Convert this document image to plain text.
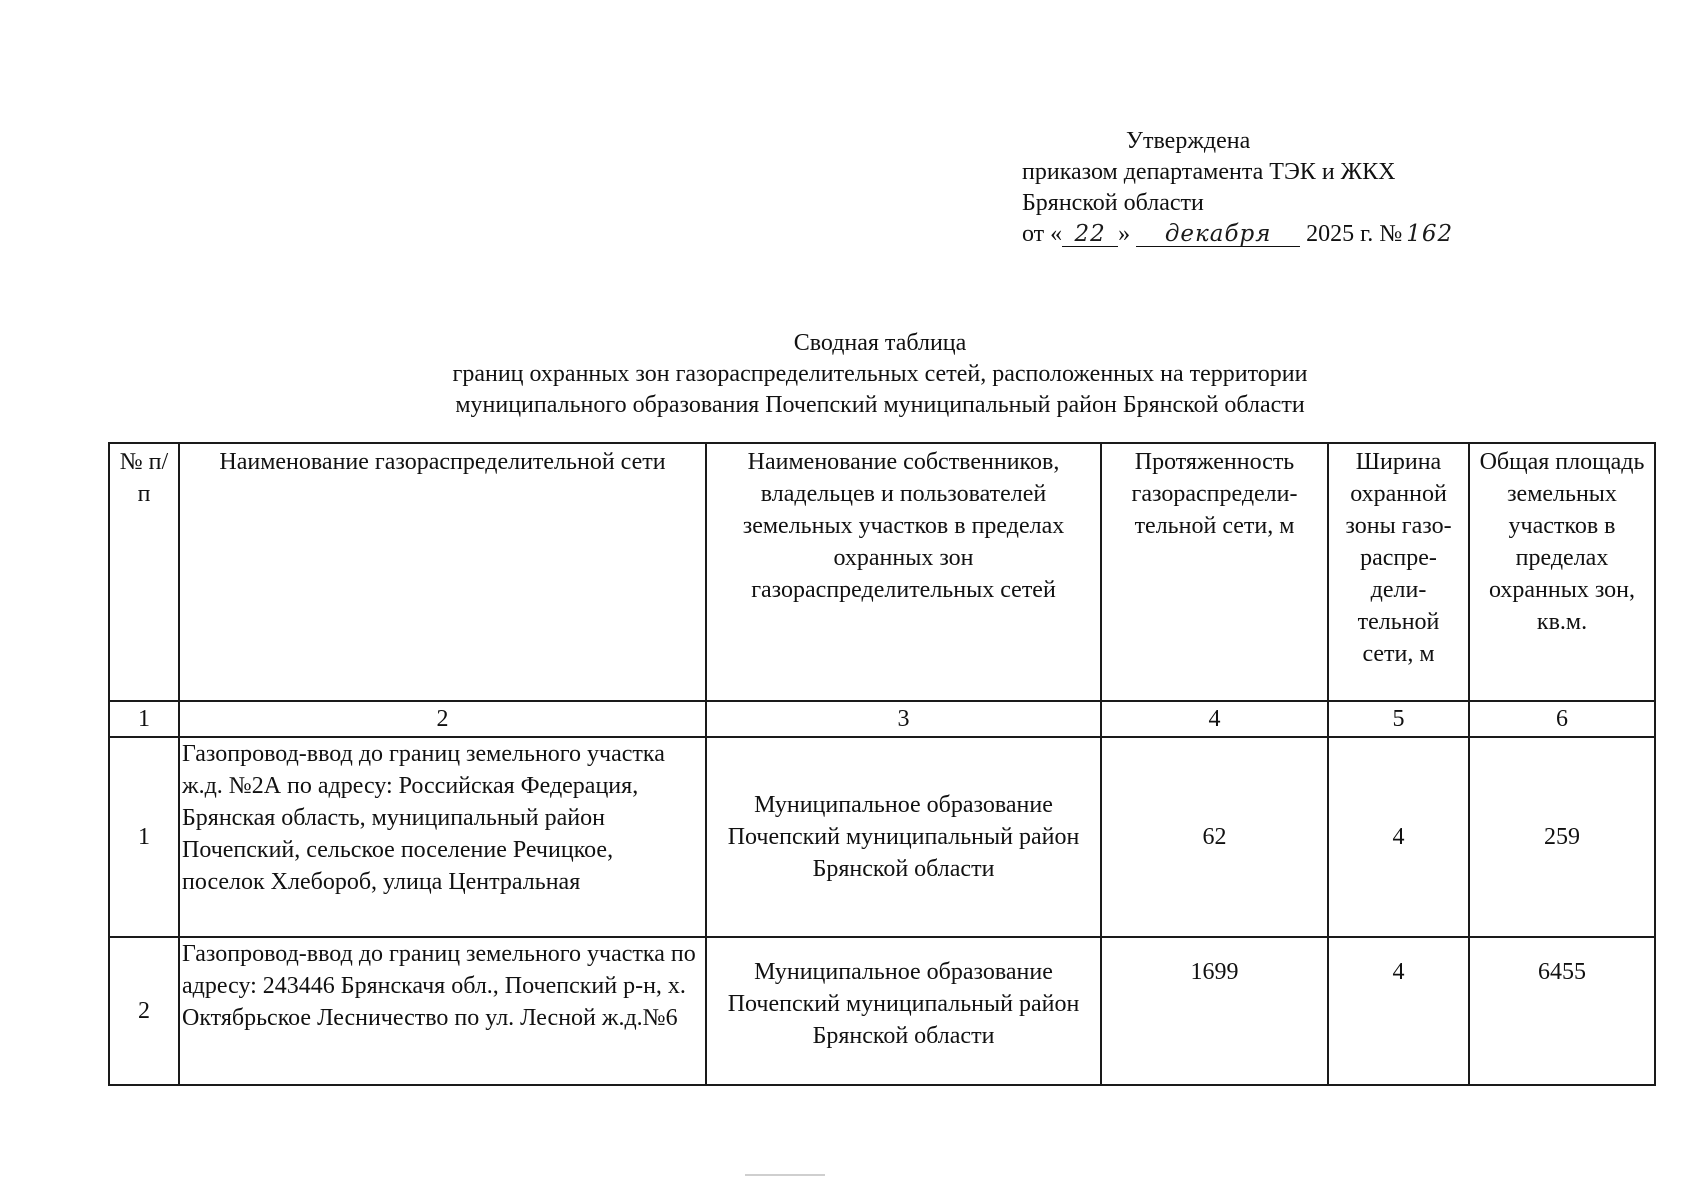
Утверждена
приказом департамента ТЭК и ЖКХ
Брянской области
от « 22 » декабря 2025 г. № 162
Сводная таблица
границ охранных зон газораспределительных сетей, расположенных на территории
муниципального образования Почепский муниципальный район Брянской области
№ п/п	Наименование газораспределительной сети	Наименование собственников, владельцев и пользователей земельных участков в пределах охранных зон газораспределительных сетей	Протяженность газораспредели-тельной сети, м	Ширина охранной зоны газо-распре-дели-тельной сети, м	Общая площадь земельных участков в пределах охранных зон, кв.м.
1	2	3	4	5	6
1	Газопровод-ввод до границ земельного участка ж.д. №2А по адресу: Российская Федерация, Брянская область, муниципальный район Почепский, сельское поселение Речицкое, поселок Хлебороб, улица Центральная	Муниципальное образование Почепский муниципальный район Брянской области	62	4	259
2	Газопровод-ввод до границ земельного участка по адресу: 243446 Брянскачя обл., Почепский р-н, х. Октябрьское Лесничество по ул. Лесной ж.д.№6	Муниципальное образование Почепский муниципальный район Брянской области	1699	4	6455
